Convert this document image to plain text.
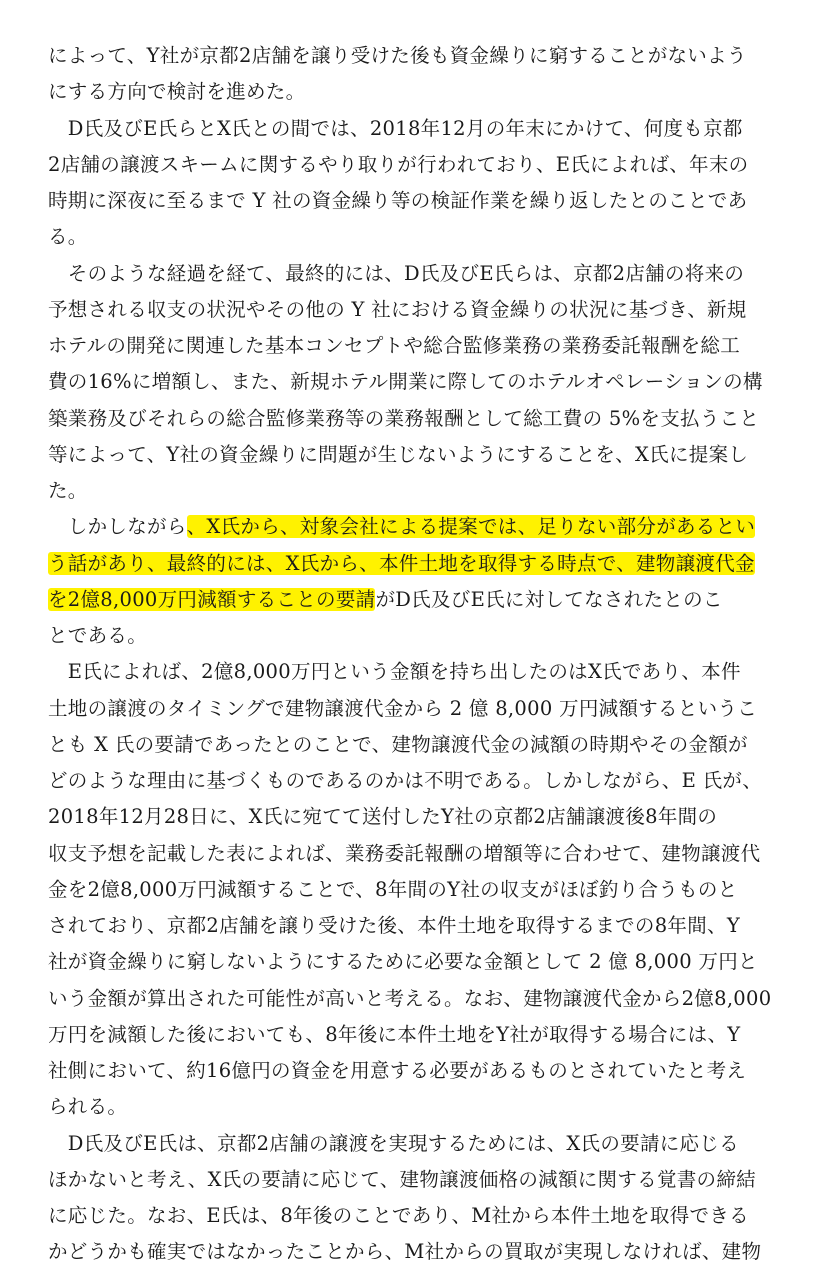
によって、Y社が京都2店舗を譲り受けた後も資金繰りに窮することがないよう
にする方向で検討を進めた。
　D氏及びE氏らとX氏との間では、2018年12月の年末にかけて、何度も京都
2店舗の譲渡スキームに関するやり取りが行われており、E氏によれば、年末の
時期に深夜に至るまで Y 社の資金繰り等の検証作業を繰り返したとのことであ
る。
　そのような経過を経て、最終的には、D氏及びE氏らは、京都2店舗の将来の
予想される収支の状況やその他の Y 社における資金繰りの状況に基づき、新規
ホテルの開発に関連した基本コンセプトや総合監修業務の業務委託報酬を総工
費の16%に増額し、また、新規ホテル開業に際してのホテルオペレーションの構
築業務及びそれらの総合監修業務等の業務報酬として総工費の 5%を支払うこと
等によって、Y社の資金繰りに問題が生じないようにすることを、X氏に提案し
た。
　しかしながら、X氏から、対象会社による提案では、足りない部分があるとい
う話があり、最終的には、X氏から、本件土地を取得する時点で、建物譲渡代金
を2億8,000万円減額することの要請がD氏及びE氏に対してなされたとのこ
とである。
　E氏によれば、2億8,000万円という金額を持ち出したのはX氏であり、本件
土地の譲渡のタイミングで建物譲渡代金から 2 億 8,000 万円減額するというこ
とも X 氏の要請であったとのことで、建物譲渡代金の減額の時期やその金額が
どのような理由に基づくものであるのかは不明である。しかしながら、E 氏が、
2018年12月28日に、X氏に宛てて送付したY社の京都2店舗譲渡後8年間の
収支予想を記載した表によれば、業務委託報酬の増額等に合わせて、建物譲渡代
金を2億8,000万円減額することで、8年間のY社の収支がほぼ釣り合うものと
されており、京都2店舗を譲り受けた後、本件土地を取得するまでの8年間、Y
社が資金繰りに窮しないようにするために必要な金額として 2 億 8,000 万円と
いう金額が算出された可能性が高いと考える。なお、建物譲渡代金から2億8,000
万円を減額した後においても、8年後に本件土地をY社が取得する場合には、Y
社側において、約16億円の資金を用意する必要があるものとされていたと考え
られる。
　D氏及びE氏は、京都2店舗の譲渡を実現するためには、X氏の要請に応じる
ほかないと考え、X氏の要請に応じて、建物譲渡価格の減額に関する覚書の締結
に応じた。なお、E氏は、8年後のことであり、M社から本件土地を取得できる
かどうかも確実ではなかったことから、M社からの買取が実現しなければ、建物
